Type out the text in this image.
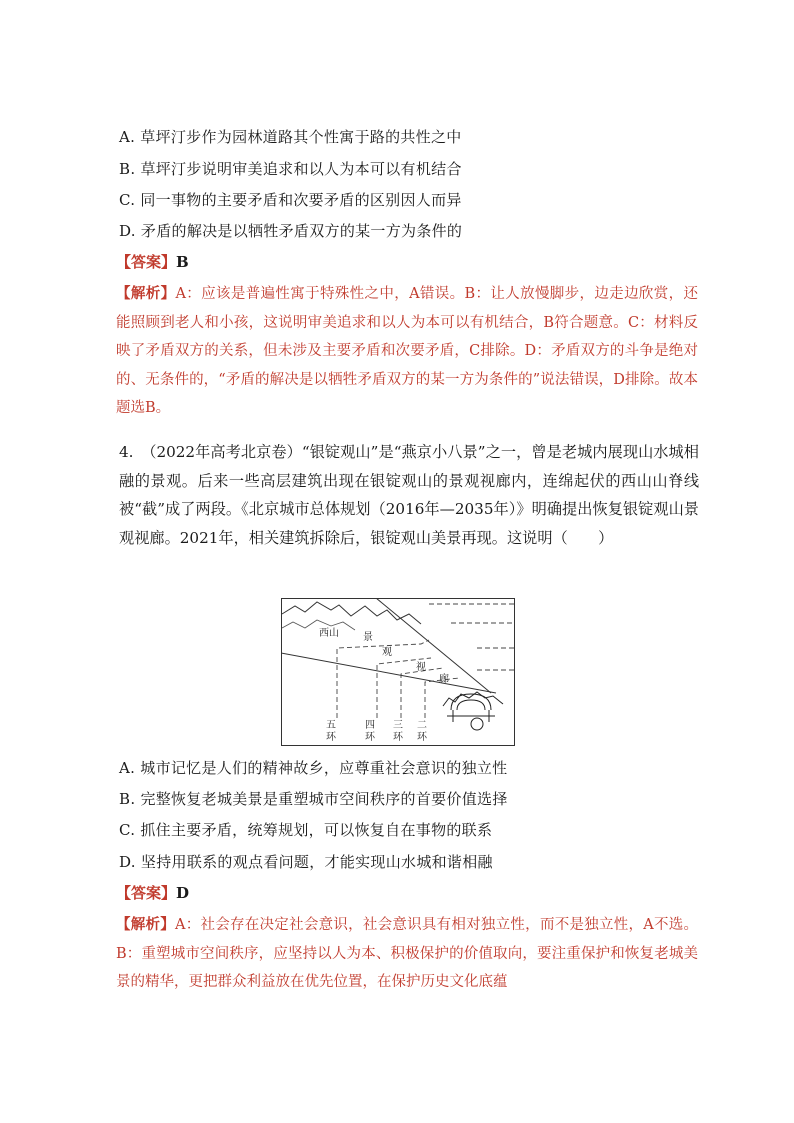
A. 草坪汀步作为园林道路其个性寓于路的共性之中
B. 草坪汀步说明审美追求和以人为本可以有机结合
C. 同一事物的主要矛盾和次要矛盾的区别因人而异
D. 矛盾的解决是以牺牲矛盾双方的某一方为条件的
【答案】B
【解析】A：应该是普遍性寓于特殊性之中，A错误。B：让人放慢脚步，边走边欣赏，还能照顾到老人和小孩，这说明审美追求和以人为本可以有机结合，B符合题意。C：材料反映了矛盾双方的关系，但未涉及主要矛盾和次要矛盾，C排除。D：矛盾双方的斗争是绝对的、无条件的，“矛盾的解决是以牺牲矛盾双方的某一方为条件的”说法错误，D排除。故本题选B。
4.　（2022年高考北京卷）“银锭观山”是“燕京小八景”之一，曾是老城内展现山水城相融的景观。后来一些高层建筑出现在银锭观山的景观视廊内，连绵起伏的西山山脊线被“截”成了两段。《北京城市总体规划（2016年—2035年）》明确提出恢复银锭观山景观视廊。2021年，相关建筑拆除后，银锭观山美景再现。这说明（　　）
西山 景
观
视
廊
五
环
四
环
三
环
二
环
A. 城市记忆是人们的精神故乡，应尊重社会意识的独立性
B. 完整恢复老城美景是重塑城市空间秩序的首要价值选择
C. 抓住主要矛盾，统筹规划，可以恢复自在事物的联系
D. 坚持用联系的观点看问题，才能实现山水城和谐相融
【答案】D
【解析】A：社会存在决定社会意识，社会意识具有相对独立性，而不是独立性，A不选。B：重塑城市空间秩序，应坚持以人为本、积极保护的价值取向，要注重保护和恢复老城美景的精华，更把群众利益放在优先位置，在保护历史文化底蕴
